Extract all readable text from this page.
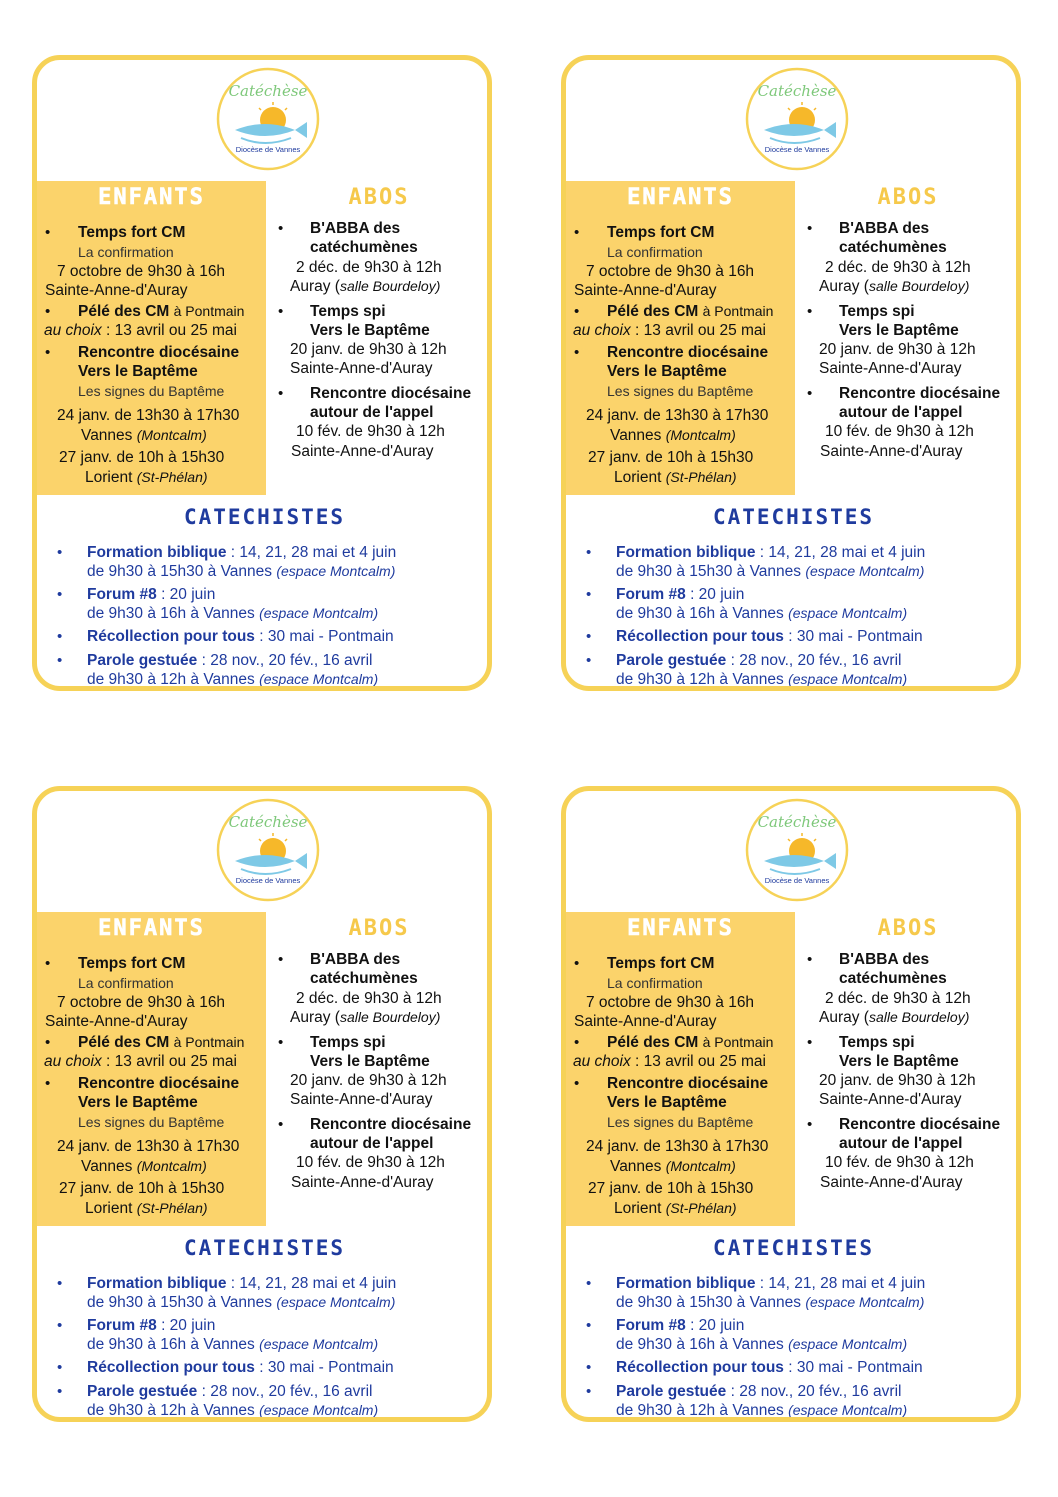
Catéchèse
Diocèse de Vannes
ENFANTS
• Temps fort CM
La confirmation
7 octobre de 9h30 à 16h
Sainte-Anne-d'Auray
• Pélé des CM à Pontmain
au choix : 13 avril ou 25 mai
• Rencontre diocésaine
Vers le Baptême
Les signes du Baptême
24 janv. de 13h30 à 17h30
Vannes (Montcalm)
27 janv. de 10h à 15h30
Lorient (St-Phélan)
ABOS
• B'ABBA des
catéchumènes
2 déc. de 9h30 à 12h
Auray (salle Bourdeloy)
• Temps spi
Vers le Baptême
20 janv. de 9h30 à 12h
Sainte-Anne-d'Auray
• Rencontre diocésaine
autour de l'appel
10 fév. de 9h30 à 12h
Sainte-Anne-d'Auray
CATECHISTES
• Formation biblique : 14, 21, 28 mai et 4 juin
de 9h30 à 15h30 à Vannes (espace Montcalm)
• Forum #8 : 20 juin
de 9h30 à 16h à Vannes (espace Montcalm)
• Récollection pour tous : 30 mai - Pontmain
• Parole gestuée : 28 nov., 20 fév., 16 avril
de 9h30 à 12h à Vannes (espace Montcalm)
Catéchèse
Diocèse de Vannes
ENFANTS
• Temps fort CM
La confirmation
7 octobre de 9h30 à 16h
Sainte-Anne-d'Auray
• Pélé des CM à Pontmain
au choix : 13 avril ou 25 mai
• Rencontre diocésaine
Vers le Baptême
Les signes du Baptême
24 janv. de 13h30 à 17h30
Vannes (Montcalm)
27 janv. de 10h à 15h30
Lorient (St-Phélan)
ABOS
• B'ABBA des
catéchumènes
2 déc. de 9h30 à 12h
Auray (salle Bourdeloy)
• Temps spi
Vers le Baptême
20 janv. de 9h30 à 12h
Sainte-Anne-d'Auray
• Rencontre diocésaine
autour de l'appel
10 fév. de 9h30 à 12h
Sainte-Anne-d'Auray
CATECHISTES
• Formation biblique : 14, 21, 28 mai et 4 juin
de 9h30 à 15h30 à Vannes (espace Montcalm)
• Forum #8 : 20 juin
de 9h30 à 16h à Vannes (espace Montcalm)
• Récollection pour tous : 30 mai - Pontmain
• Parole gestuée : 28 nov., 20 fév., 16 avril
de 9h30 à 12h à Vannes (espace Montcalm)
Catéchèse
Diocèse de Vannes
ENFANTS
• Temps fort CM
La confirmation
7 octobre de 9h30 à 16h
Sainte-Anne-d'Auray
• Pélé des CM à Pontmain
au choix : 13 avril ou 25 mai
• Rencontre diocésaine
Vers le Baptême
Les signes du Baptême
24 janv. de 13h30 à 17h30
Vannes (Montcalm)
27 janv. de 10h à 15h30
Lorient (St-Phélan)
ABOS
• B'ABBA des
catéchumènes
2 déc. de 9h30 à 12h
Auray (salle Bourdeloy)
• Temps spi
Vers le Baptême
20 janv. de 9h30 à 12h
Sainte-Anne-d'Auray
• Rencontre diocésaine
autour de l'appel
10 fév. de 9h30 à 12h
Sainte-Anne-d'Auray
CATECHISTES
• Formation biblique : 14, 21, 28 mai et 4 juin
de 9h30 à 15h30 à Vannes (espace Montcalm)
• Forum #8 : 20 juin
de 9h30 à 16h à Vannes (espace Montcalm)
• Récollection pour tous : 30 mai - Pontmain
• Parole gestuée : 28 nov., 20 fév., 16 avril
de 9h30 à 12h à Vannes (espace Montcalm)
Catéchèse
Diocèse de Vannes
ENFANTS
• Temps fort CM
La confirmation
7 octobre de 9h30 à 16h
Sainte-Anne-d'Auray
• Pélé des CM à Pontmain
au choix : 13 avril ou 25 mai
• Rencontre diocésaine
Vers le Baptême
Les signes du Baptême
24 janv. de 13h30 à 17h30
Vannes (Montcalm)
27 janv. de 10h à 15h30
Lorient (St-Phélan)
ABOS
• B'ABBA des
catéchumènes
2 déc. de 9h30 à 12h
Auray (salle Bourdeloy)
• Temps spi
Vers le Baptême
20 janv. de 9h30 à 12h
Sainte-Anne-d'Auray
• Rencontre diocésaine
autour de l'appel
10 fév. de 9h30 à 12h
Sainte-Anne-d'Auray
CATECHISTES
• Formation biblique : 14, 21, 28 mai et 4 juin
de 9h30 à 15h30 à Vannes (espace Montcalm)
• Forum #8 : 20 juin
de 9h30 à 16h à Vannes (espace Montcalm)
• Récollection pour tous : 30 mai - Pontmain
• Parole gestuée : 28 nov., 20 fév., 16 avril
de 9h30 à 12h à Vannes (espace Montcalm)
